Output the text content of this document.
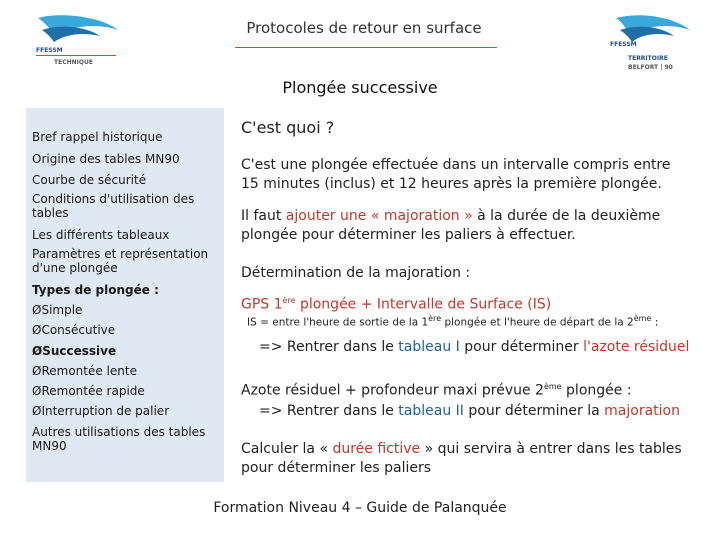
FFESSM
TECHNIQUE
FFESSM
TERRITOIRE
BELFORT | 90
Protocoles de retour en surface
Plongée successive
Bref rappel historique
Origine des tables MN90
Courbe de sécurité
Conditions d'utilisation des tables
Les différents tableaux
Paramètres et représentation d'une plongée
Types de plongée :
ØSimple
ØConsécutive
ØSuccessive
ØRemontée lente
ØRemontée rapide
ØInterruption de palier
Autres utilisations des tables MN90
C'est quoi ?
C'est une plongée effectuée dans un intervalle compris entre 15 minutes (inclus) et 12 heures après la première plongée.
Il faut ajouter une « majoration » à la durée de la deuxième plongée pour déterminer les paliers à effectuer.
Détermination de la majoration :
GPS 1ère plongée + Intervalle de Surface (IS)
IS = entre l'heure de sortie de la 1ère plongée et l'heure de départ de la 2ème :
=> Rentrer dans le tableau I pour déterminer l'azote résiduel
Azote résiduel + profondeur maxi prévue 2ème plongée :
=> Rentrer dans le tableau II pour déterminer la majoration
Calculer la « durée fictive » qui servira à entrer dans les tables pour déterminer les paliers
Formation Niveau 4 – Guide de Palanquée
